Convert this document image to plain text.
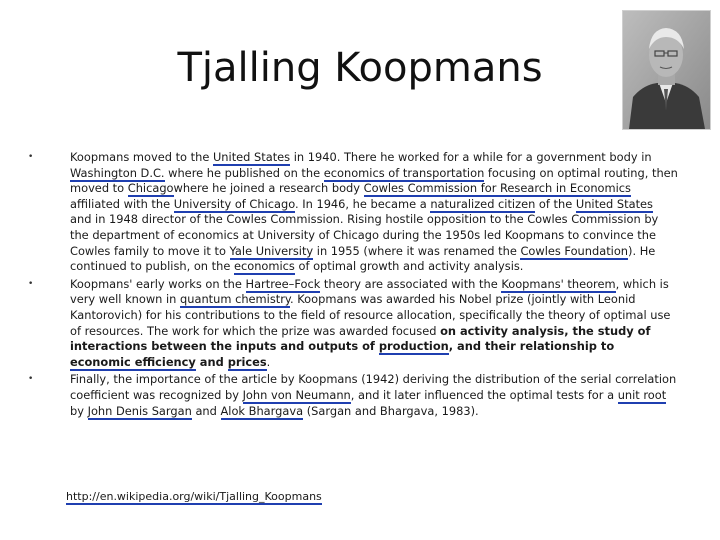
Tjalling Koopmans
•	Koopmans moved to the United States in 1940. There he worked for a while for a government body in Washington D.C. where he published on the economics of transportation focusing on optimal routing, then moved to Chicagowhere he joined a research body Cowles Commission for Research in Economics affiliated with the University of Chicago. In 1946, he became a naturalized citizen of the United States and in 1948 director of the Cowles Commission. Rising hostile opposition to the Cowles Commission by the department of economics at University of Chicago during the 1950s led Koopmans to convince the Cowles family to move it to Yale University in 1955 (where it was renamed the Cowles Foundation). He continued to publish, on the economics of optimal growth and activity analysis.
•	Koopmans' early works on the Hartree–Fock theory are associated with the Koopmans' theorem, which is very well known in quantum chemistry. Koopmans was awarded his Nobel prize (jointly with Leonid Kantorovich) for his contributions to the field of resource allocation, specifically the theory of optimal use of resources. The work for which the prize was awarded focused on activity analysis, the study of interactions between the inputs and outputs of production, and their relationship to economic efficiency and prices.
•	Finally, the importance of the article by Koopmans (1942) deriving the distribution of the serial correlation coefficient was recognized by John von Neumann, and it later influenced the optimal tests for a unit root by John Denis Sargan and Alok Bhargava (Sargan and Bhargava, 1983).
http://en.wikipedia.org/wiki/Tjalling_Koopmans
